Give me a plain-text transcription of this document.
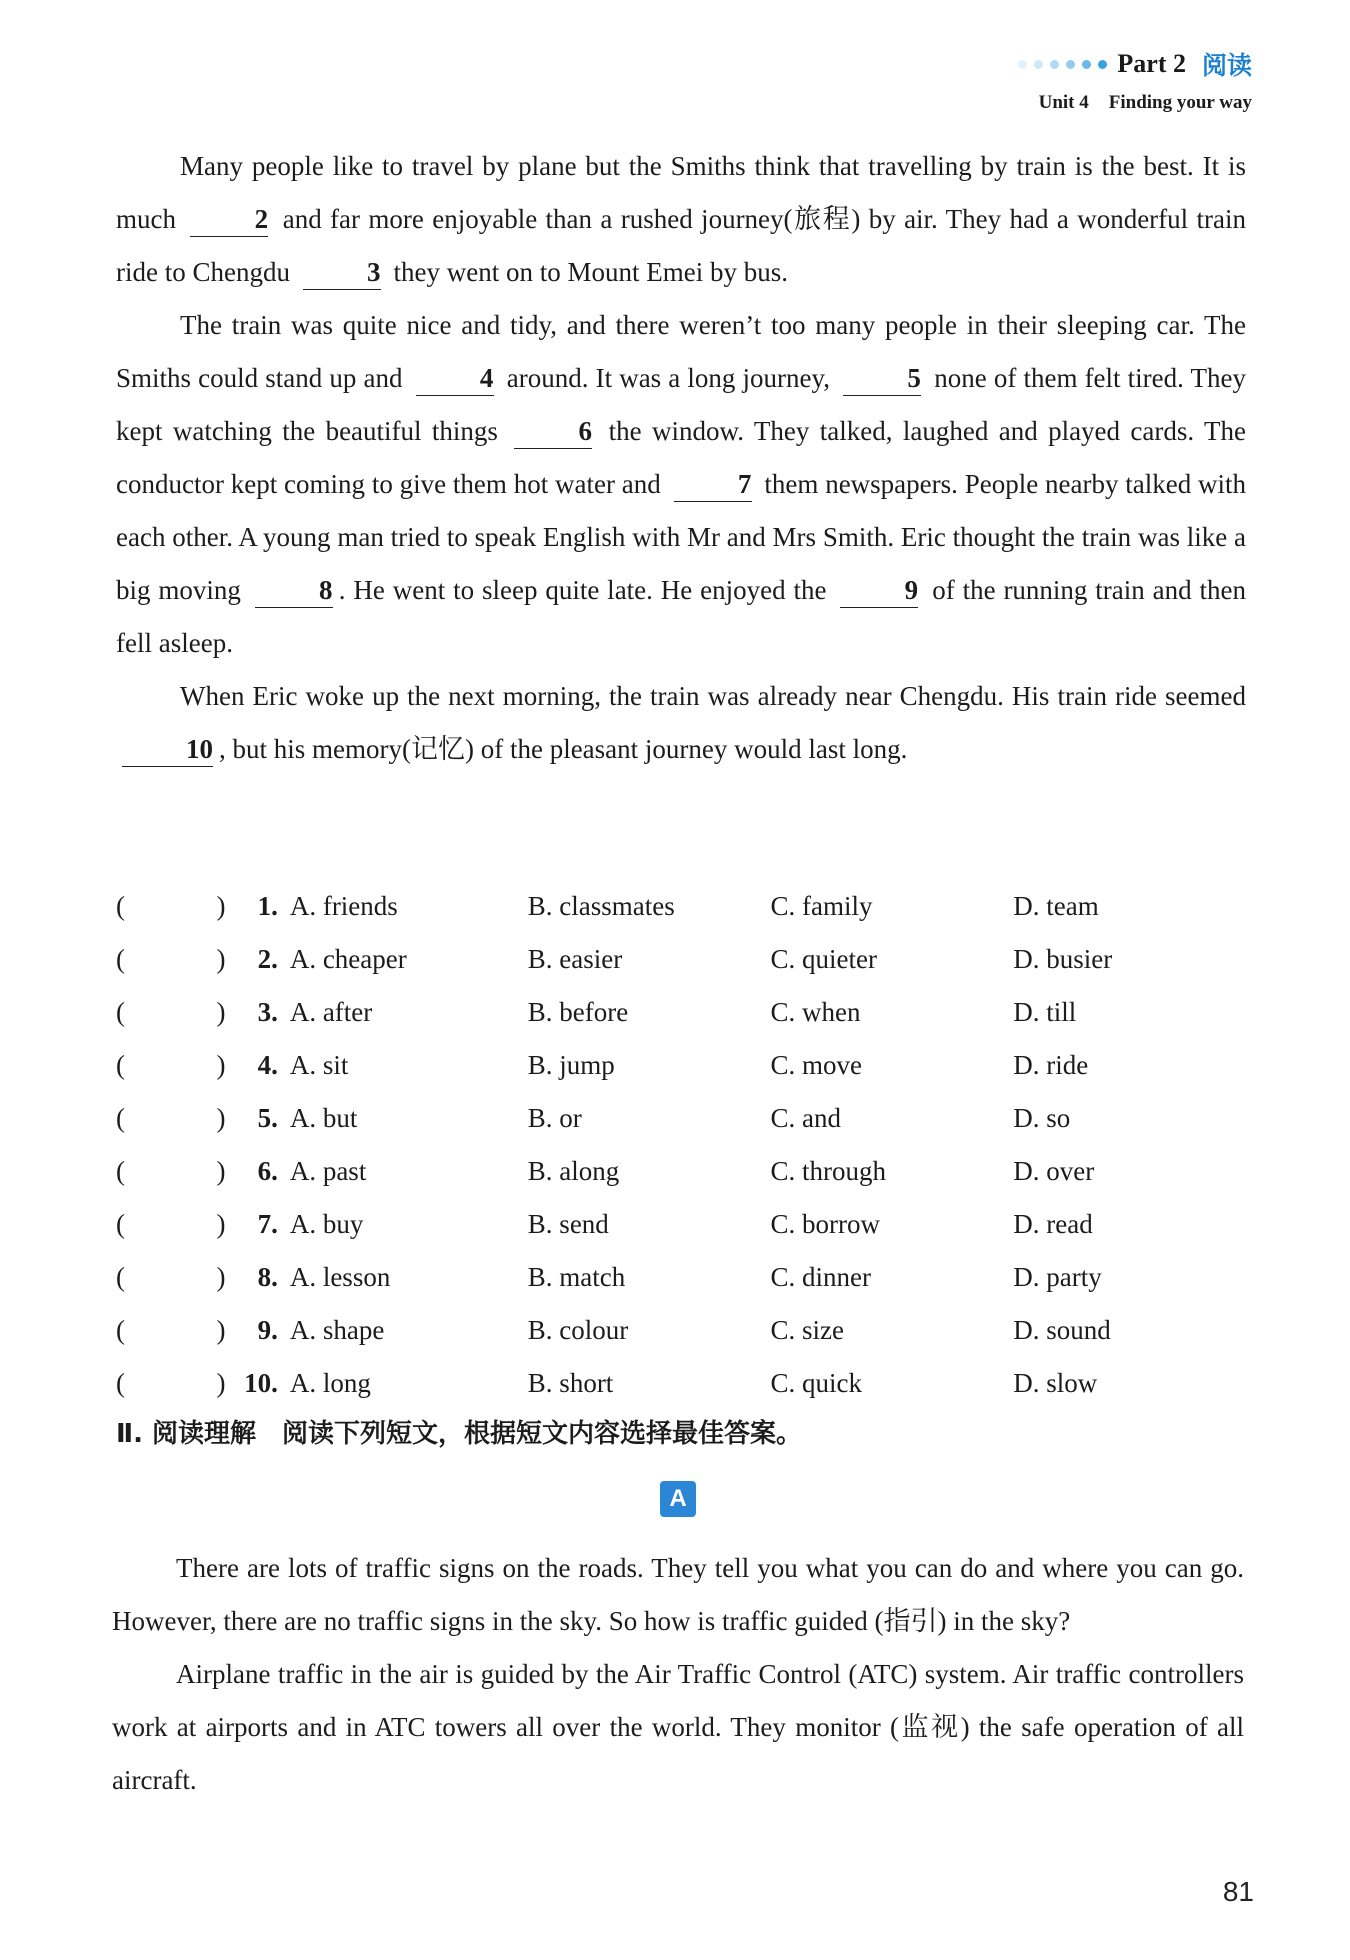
Part 2 阅读
Unit 4 Finding your way

Many people like to travel by plane but the Smiths think that travelling by train is the best. It is much	2 and far more enjoyable than a rushed journey(旅程) by air. They had a wonderful train ride to Chengdu	3 they went on to Mount Emei by bus.

The train was quite nice and tidy, and there weren’t too many people in their sleeping car. The Smiths could stand up and	4 around. It was a long journey,	5 none of them felt tired. They kept watching the beautiful things	6 the window. They talked, laughed and played cards. The conductor kept coming to give them hot water and	7 them newspapers. People nearby talked with each other. A young man tried to speak English with Mr and Mrs Smith. Eric thought the train was like a big moving	8 . He went to sleep quite late. He enjoyed the	9 of the running train and then fell asleep.

When Eric woke up the next morning, the train was already near Chengdu. His train ride seemed 10 , but his memory(记忆) of the pleasant journey would last long.

(	)	1. A. friends	B. classmates	C. family	D. team
(	)	2. A. cheaper	B. easier	C. quieter	D. busier
(	)	3. A. after	B. before	C. when	D. till
(	)	4. A. sit	B. jump	C. move	D. ride
(	)	5. A. but	B. or	C. and	D. so
(	)	6. A. past	B. along	C. through	D. over
(	)	7. A. buy	B. send	C. borrow	D. read
(	)	8. A. lesson	B. match	C. dinner	D. party
(	)	9. A. shape	B. colour	C. size	D. sound
(	) 10. A. long	B. short	C. quick	D. slow
Ⅱ. 阅读理解　阅读下列短文，根据短文内容选择最佳答案。
A

There are lots of traffic signs on the roads. They tell you what you can do and where you can go. However, there are no traffic signs in the sky. So how is traffic guided (指引) in the sky?

Airplane traffic in the air is guided by the Air Traffic Control (ATC) system. Air traffic controllers work at airports and in ATC towers all over the world. They monitor (监视) the safe operation of all aircraft.

81
